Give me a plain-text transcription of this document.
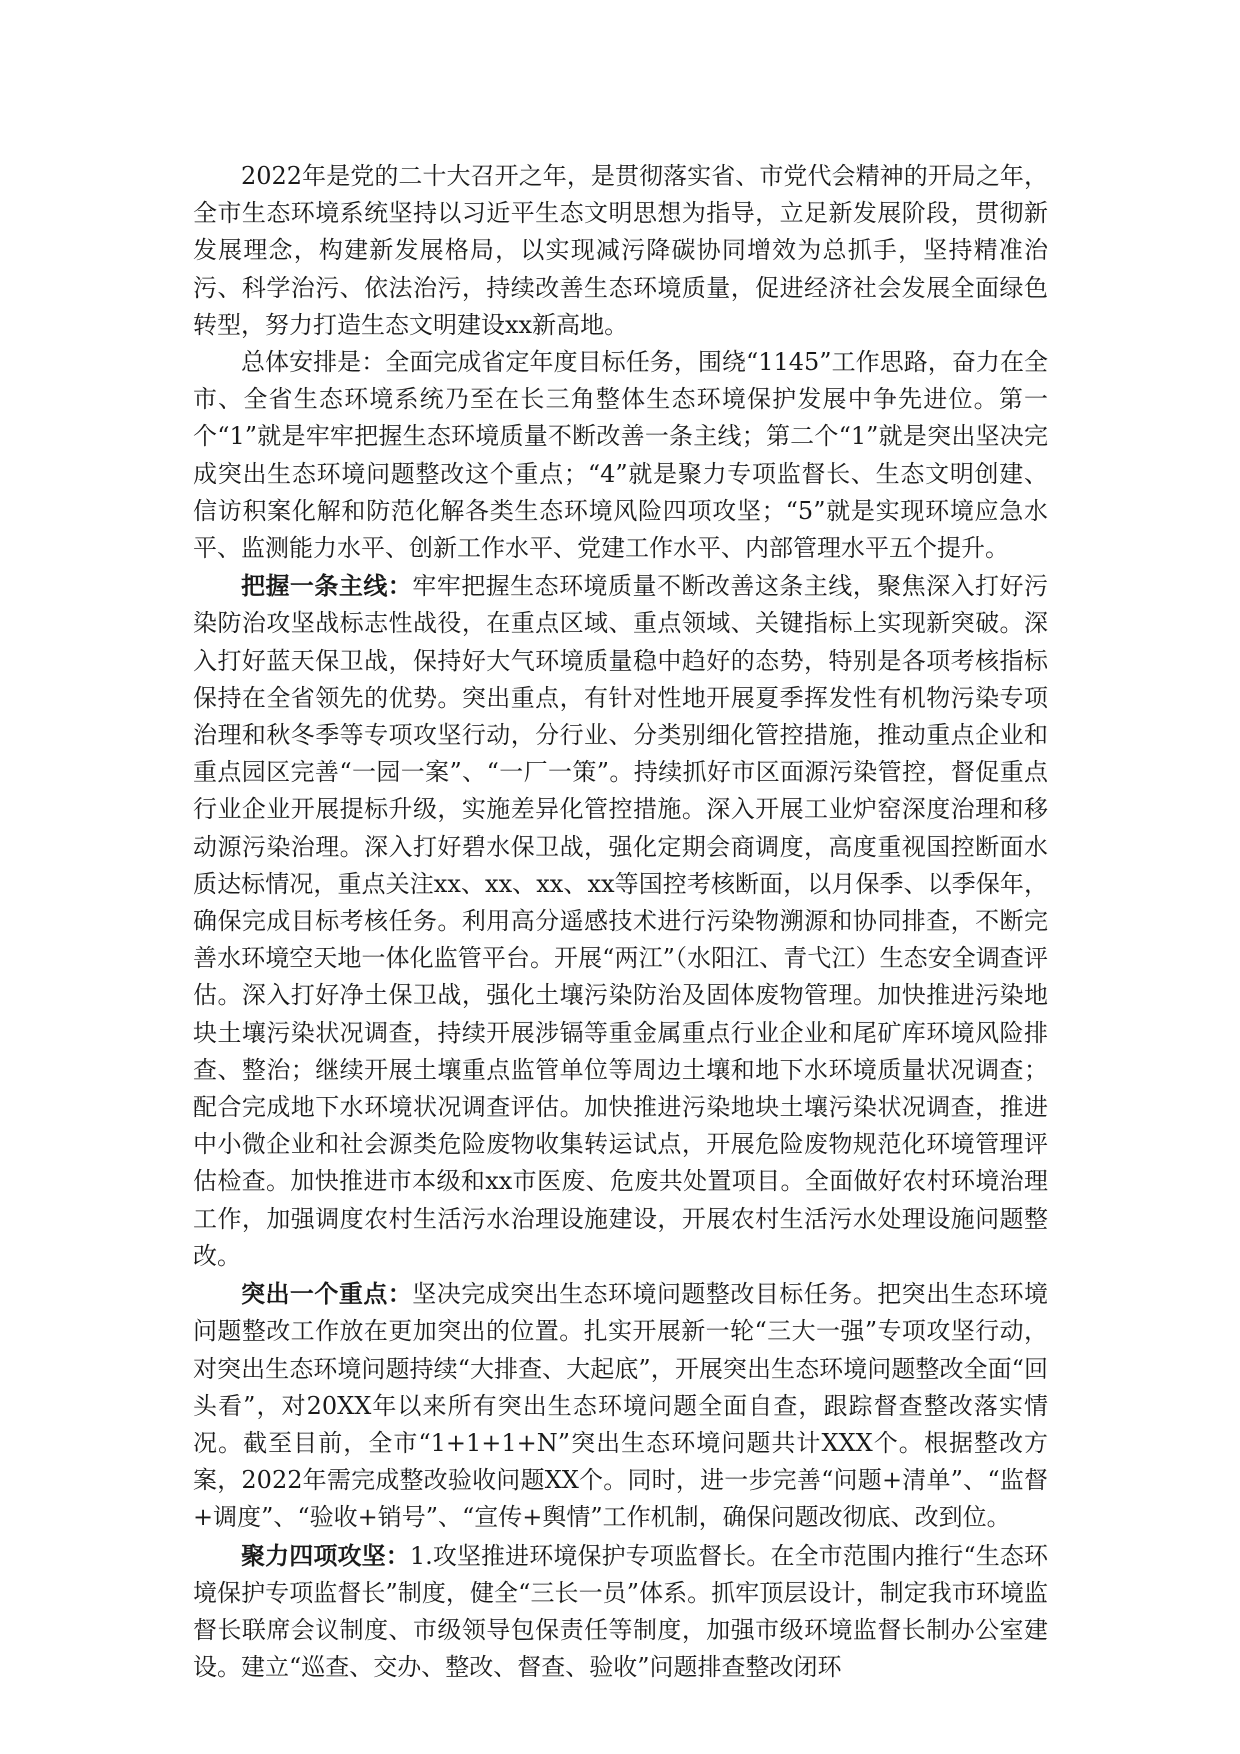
2022年是党的二十大召开之年，是贯彻落实省、市党代会精神的开局之年，全市生态环境系统坚持以习近平生态文明思想为指导，立足新发展阶段，贯彻新发展理念，构建新发展格局，以实现减污降碳协同增效为总抓手，坚持精准治污、科学治污、依法治污，持续改善生态环境质量，促进经济社会发展全面绿色转型，努力打造生态文明建设xx新高地。

总体安排是：全面完成省定年度目标任务，围绕“1145”工作思路，奋力在全市、全省生态环境系统乃至在长三角整体生态环境保护发展中争先进位。第一个“1”就是牢牢把握生态环境质量不断改善一条主线；第二个“1”就是突出坚决完成突出生态环境问题整改这个重点；“4”就是聚力专项监督长、生态文明创建、信访积案化解和防范化解各类生态环境风险四项攻坚；“5”就是实现环境应急水平、监测能力水平、创新工作水平、党建工作水平、内部管理水平五个提升。

把握一条主线：牢牢把握生态环境质量不断改善这条主线，聚焦深入打好污染防治攻坚战标志性战役，在重点区域、重点领域、关键指标上实现新突破。深入打好蓝天保卫战，保持好大气环境质量稳中趋好的态势，特别是各项考核指标保持在全省领先的优势。突出重点，有针对性地开展夏季挥发性有机物污染专项治理和秋冬季等专项攻坚行动，分行业、分类别细化管控措施，推动重点企业和重点园区完善“一园一案”、“一厂一策”。持续抓好市区面源污染管控，督促重点行业企业开展提标升级，实施差异化管控措施。深入开展工业炉窑深度治理和移动源污染治理。深入打好碧水保卫战，强化定期会商调度，高度重视国控断面水质达标情况，重点关注xx、xx、xx、xx等国控考核断面，以月保季、以季保年，确保完成目标考核任务。利用高分遥感技术进行污染物溯源和协同排查，不断完善水环境空天地一体化监管平台。开展“两江”（水阳江、青弋江）生态安全调查评估。深入打好净土保卫战，强化土壤污染防治及固体废物管理。加快推进污染地块土壤污染状况调查，持续开展涉镉等重金属重点行业企业和尾矿库环境风险排查、整治；继续开展土壤重点监管单位等周边土壤和地下水环境质量状况调查；配合完成地下水环境状况调查评估。加快推进污染地块土壤污染状况调查，推进中小微企业和社会源类危险废物收集转运试点，开展危险废物规范化环境管理评估检查。加快推进市本级和xx市医废、危废共处置项目。全面做好农村环境治理工作，加强调度农村生活污水治理设施建设，开展农村生活污水处理设施问题整改。

突出一个重点：坚决完成突出生态环境问题整改目标任务。把突出生态环境问题整改工作放在更加突出的位置。扎实开展新一轮“三大一强”专项攻坚行动，对突出生态环境问题持续“大排查、大起底”，开展突出生态环境问题整改全面“回头看”，对20XX年以来所有突出生态环境问题全面自查，跟踪督查整改落实情况。截至目前，全市“1+1+1+N”突出生态环境问题共计XXX个。根据整改方案，2022年需完成整改验收问题XX个。同时，进一步完善“问题+清单”、“监督+调度”、“验收+销号”、“宣传+舆情”工作机制，确保问题改彻底、改到位。

聚力四项攻坚：1.攻坚推进环境保护专项监督长。在全市范围内推行“生态环境保护专项监督长”制度，健全“三长一员”体系。抓牢顶层设计，制定我市环境监督长联席会议制度、市级领导包保责任等制度，加强市级环境监督长制办公室建设。建立“巡查、交办、整改、督查、验收”问题排查整改闭环
